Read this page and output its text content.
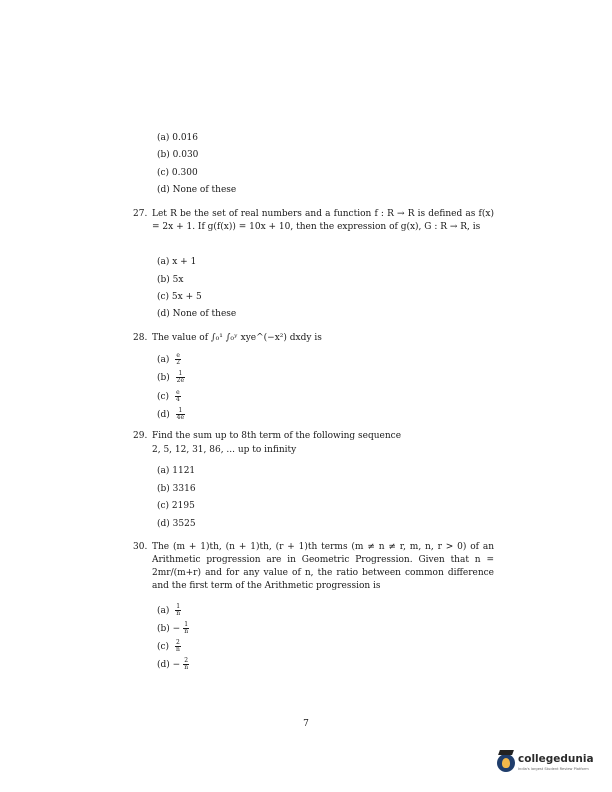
(a) 0.016
(b) 0.030
(c) 0.300
(d) None of these
27. Let R be the set of real numbers and a function f : R → R is defined as f(x) = 2x + 1. If g(f(x)) = 10x + 10, then the expression of g(x), G : R → R, is
(a) x + 1
(b) 5x
(c) 5x + 5
(d) None of these
28. The value of ∫₀¹ ∫₀ʸ xye^(−x²) dxdy is
$(a) \frac{e}{2}$
$(b) \frac{1}{2e}$
$(c) \frac{e}{4}$
$(d) \frac{1}{4e}$
29. Find the sum up to 8th term of the following sequence
2, 5, 12, 31, 86, ... up to infinity
(a) 1121
(b) 3316
(c) 2195
(d) 3525
30. The (m + 1)th, (n + 1)th, (r + 1)th terms (m ≠ n ≠ r, m, n, r > 0) of an Arithmetic progression are in Geometric Progression. Given that n = 2mr/(m+r) and for any value of n, the ratio between common difference and the first term of the Arithmetic progression is
$(a) \frac{1}{n}$
$(b) - \frac{1}{n}$
$(c) \frac{2}{n}$
$(d) - \frac{2}{n}$
7
collegedunia
India's largest Student Review Platform
